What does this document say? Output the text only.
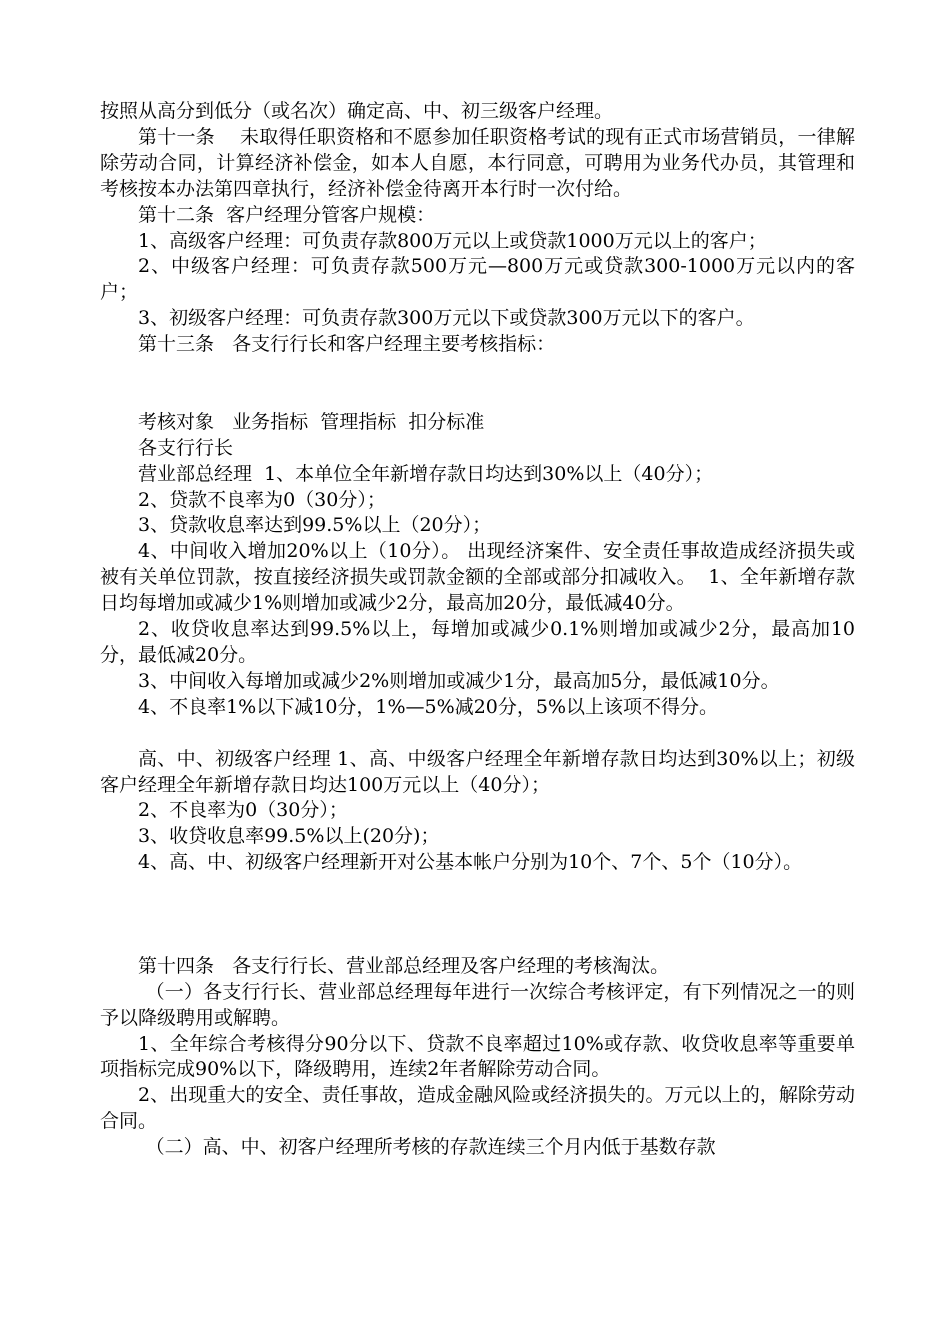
按照从高分到低分（或名次）确定高、中、初三级客户经理。

第十一条    未取得任职资格和不愿参加任职资格考试的现有正式市场营销员，一律解除劳动合同，计算经济补偿金，如本人自愿，本行同意，可聘用为业务代办员，其管理和考核按本办法第四章执行，经济补偿金待离开本行时一次付给。

第十二条  客户经理分管客户规模：

1、高级客户经理：可负责存款800万元以上或贷款1000万元以上的客户；

2、中级客户经理：可负责存款500万元—800万元或贷款300-1000万元以内的客户；

3、初级客户经理：可负责存款300万元以下或贷款300万元以下的客户。

第十三条   各支行行长和客户经理主要考核指标：

考核对象   业务指标  管理指标  扣分标准

各支行行长

营业部总经理  1、本单位全年新增存款日均达到30%以上（40分）；

2、贷款不良率为0（30分）；

3、贷款收息率达到99.5%以上（20分）；

4、中间收入增加20%以上（10分）。 出现经济案件、安全责任事故造成经济损失或被有关单位罚款，按直接经济损失或罚款金额的全部或部分扣减收入。  1、全年新增存款日均每增加或减少1%则增加或减少2分，最高加20分，最低减40分。

2、收贷收息率达到99.5%以上，每增加或减少0.1%则增加或减少2分，最高加10分，最低减20分。

3、中间收入每增加或减少2%则增加或减少1分，最高加5分，最低减10分。

4、不良率1%以下减10分，1%—5%减20分，5%以上该项不得分。

高、中、初级客户经理 1、高、中级客户经理全年新增存款日均达到30%以上；初级客户经理全年新增存款日均达100万元以上（40分）；

2、不良率为0（30分）；

3、收贷收息率99.5%以上(20分)；

4、高、中、初级客户经理新开对公基本帐户分别为10个、7个、5个（10分）。

第十四条   各支行行长、营业部总经理及客户经理的考核淘汰。

（一）各支行行长、营业部总经理每年进行一次综合考核评定，有下列情况之一的则予以降级聘用或解聘。

1、全年综合考核得分90分以下、贷款不良率超过10%或存款、收贷收息率等重要单项指标完成90%以下，降级聘用，连续2年者解除劳动合同。

2、出现重大的安全、责任事故，造成金融风险或经济损失的。万元以上的，解除劳动合同。

（二）高、中、初客户经理所考核的存款连续三个月内低于基数存款
